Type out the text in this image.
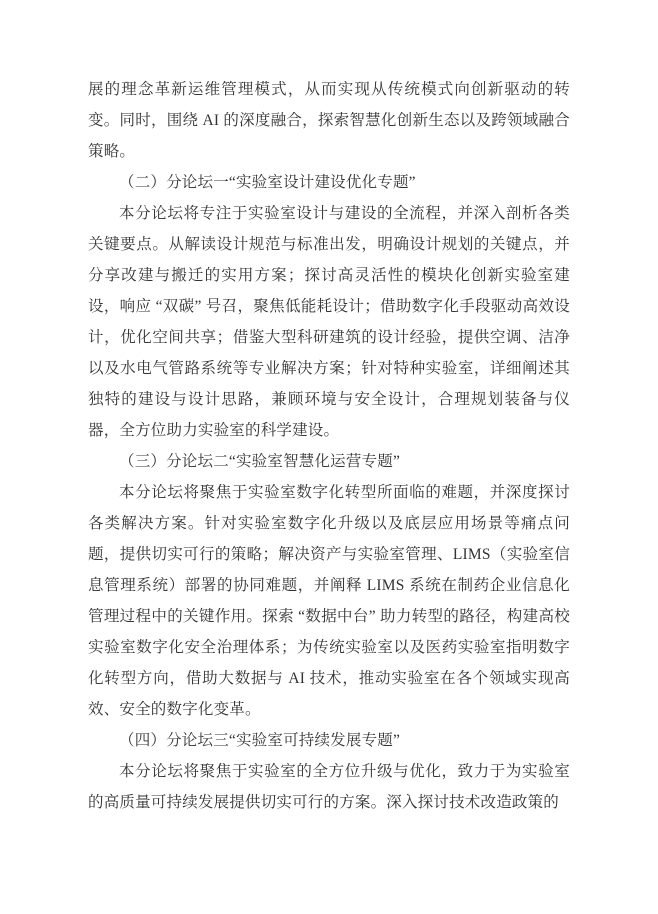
展的理念革新运维管理模式，从而实现从传统模式向创新驱动的转变。同时，围绕 AI 的深度融合，探索智慧化创新生态以及跨领域融合策略。

（二）分论坛一“实验室设计建设优化专题”

本分论坛将专注于实验室设计与建设的全流程，并深入剖析各类关键要点。从解读设计规范与标准出发，明确设计规划的关键点，并分享改建与搬迁的实用方案；探讨高灵活性的模块化创新实验室建设，响应 “双碳” 号召，聚焦低能耗设计；借助数字化手段驱动高效设计，优化空间共享；借鉴大型科研建筑的设计经验，提供空调、洁净以及水电气管路系统等专业解决方案；针对特种实验室，详细阐述其独特的建设与设计思路，兼顾环境与安全设计，合理规划装备与仪器，全方位助力实验室的科学建设。

（三）分论坛二“实验室智慧化运营专题”

本分论坛将聚焦于实验室数字化转型所面临的难题，并深度探讨各类解决方案。针对实验室数字化升级以及底层应用场景等痛点问题，提供切实可行的策略；解决资产与实验室管理、LIMS（实验室信息管理系统）部署的协同难题，并阐释 LIMS 系统在制药企业信息化管理过程中的关键作用。探索 “数据中台” 助力转型的路径，构建高校实验室数字化安全治理体系；为传统实验室以及医药实验室指明数字化转型方向，借助大数据与 AI 技术，推动实验室在各个领域实现高效、安全的数字化变革。

（四）分论坛三“实验室可持续发展专题”

本分论坛将聚焦于实验室的全方位升级与优化，致力于为实验室的高质量可持续发展提供切实可行的方案。深入探讨技术改造政策的
